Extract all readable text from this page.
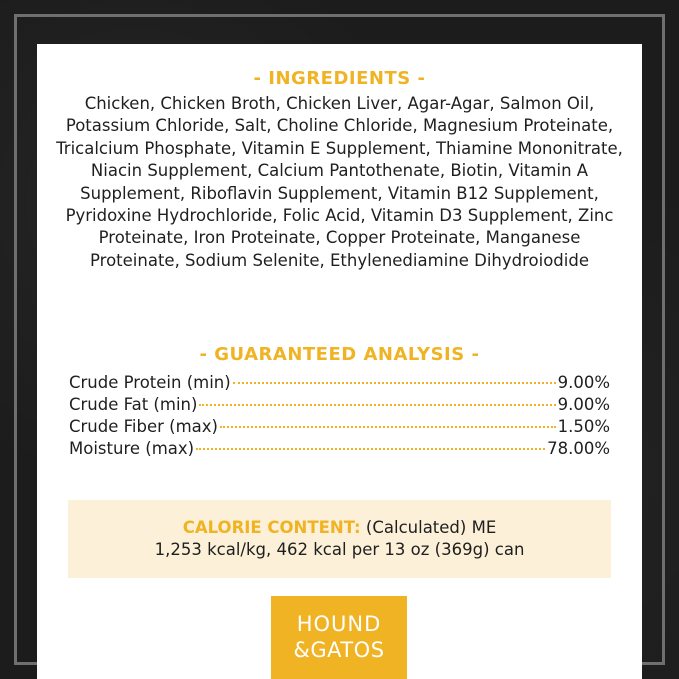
- INGREDIENTS -
Chicken, Chicken Broth, Chicken Liver, Agar-Agar, Salmon Oil, Potassium Chloride, Salt, Choline Chloride, Magnesium Proteinate, Tricalcium Phosphate, Vitamin E Supplement, Thiamine Mononitrate, Niacin Supplement, Calcium Pantothenate, Biotin, Vitamin A Supplement, Riboflavin Supplement, Vitamin B12 Supplement, Pyridoxine Hydrochloride, Folic Acid, Vitamin D3 Supplement, Zinc Proteinate, Iron Proteinate, Copper Proteinate, Manganese Proteinate, Sodium Selenite, Ethylenediamine Dihydroiodide
- GUARANTEED ANALYSIS -
Crude Protein (min)	9.00%
Crude Fat (min)	9.00%
Crude Fiber (max)	1.50%
Moisture (max)	78.00%
CALORIE CONTENT: (Calculated) ME
1,253 kcal/kg, 462 kcal per 13 oz (369g) can
HOUND
&GATOS
